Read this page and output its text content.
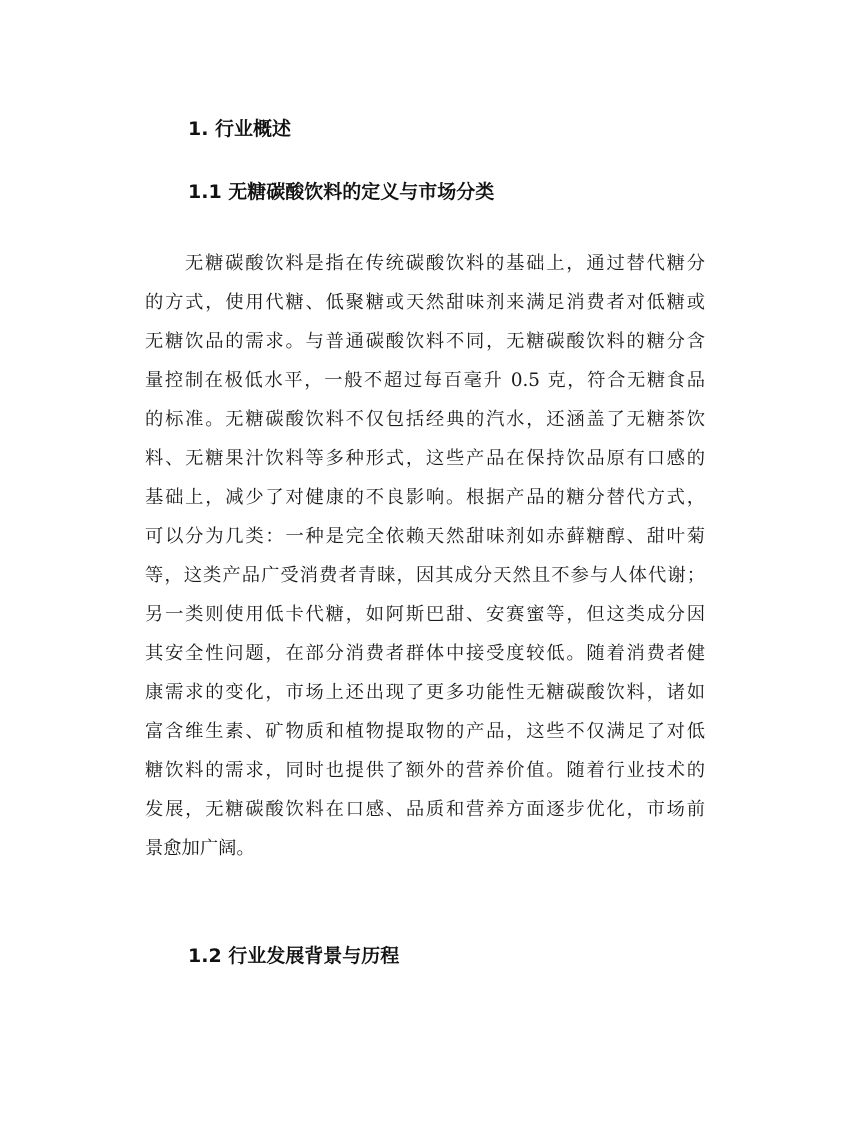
1. 行业概述
1.1 无糖碳酸饮料的定义与市场分类
无糖碳酸饮料是指在传统碳酸饮料的基础上，通过替代糖分
的方式，使用代糖、低聚糖或天然甜味剂来满足消费者对低糖或
无糖饮品的需求。与普通碳酸饮料不同，无糖碳酸饮料的糖分含
量控制在极低水平，一般不超过每百毫升 0.5 克，符合无糖食品
的标准。无糖碳酸饮料不仅包括经典的汽水，还涵盖了无糖茶饮
料、无糖果汁饮料等多种形式，这些产品在保持饮品原有口感的
基础上，减少了对健康的不良影响。根据产品的糖分替代方式，
可以分为几类：一种是完全依赖天然甜味剂如赤藓糖醇、甜叶菊
等，这类产品广受消费者青睐，因其成分天然且不参与人体代谢；
另一类则使用低卡代糖，如阿斯巴甜、安赛蜜等，但这类成分因
其安全性问题，在部分消费者群体中接受度较低。随着消费者健
康需求的变化，市场上还出现了更多功能性无糖碳酸饮料，诸如
富含维生素、矿物质和植物提取物的产品，这些不仅满足了对低
糖饮料的需求，同时也提供了额外的营养价值。随着行业技术的
发展，无糖碳酸饮料在口感、品质和营养方面逐步优化，市场前
景愈加广阔。
1.2 行业发展背景与历程
